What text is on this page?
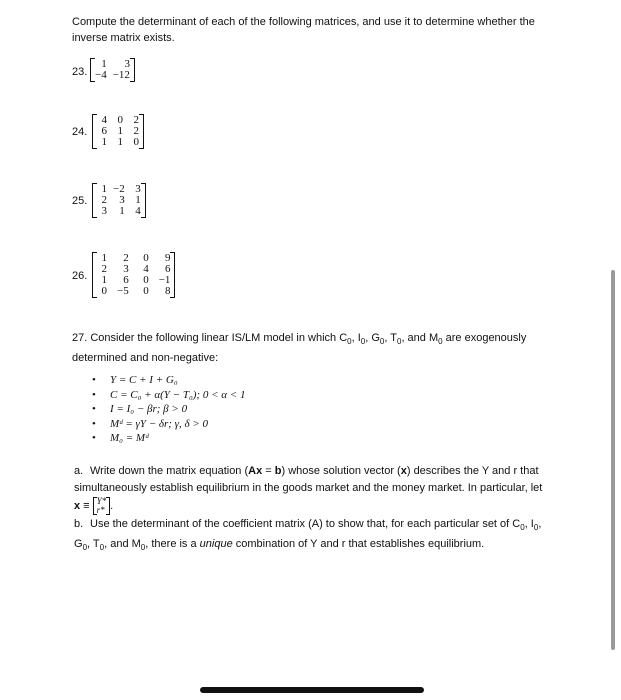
Compute the determinant of each of the following matrices, and use it to determine whether the inverse matrix exists.
23.
1	3
−4 −12
24.
4 0 2
6 1 2
1 1 0
25.
1 −2 3
2	3 1
3	1 4
26.
1	2	0	9
2	3	4	6
1	6	0 −1
0 −5	0	8
27. Consider the following linear IS/LM model in which $C_0$, $I_0$, $G_0$, $T_0$, and $M_0$ are exogenously determined and non-negative:
• Y = C + I + G₀
• C = C₀ + α(Y − T₀); 0 < α < 1
• I = I₀ − βr; β > 0
• Mᵈ = γY − δr; γ, δ > 0
• M₀ = Mᵈ
a. Write down the matrix equation (Ax = b) whose solution vector (x) describes the Y and r that simultaneously establish equilibrium in the goods market and the money market. In particular, let x ≡ Y*
r* .
b. Use the determinant of the coefficient matrix (A) to show that, for each particular set of $C_0$, $I_0$, $G_0$, $T_0$, and $M_0$, there is a unique combination of Y and r that establishes equilibrium.
